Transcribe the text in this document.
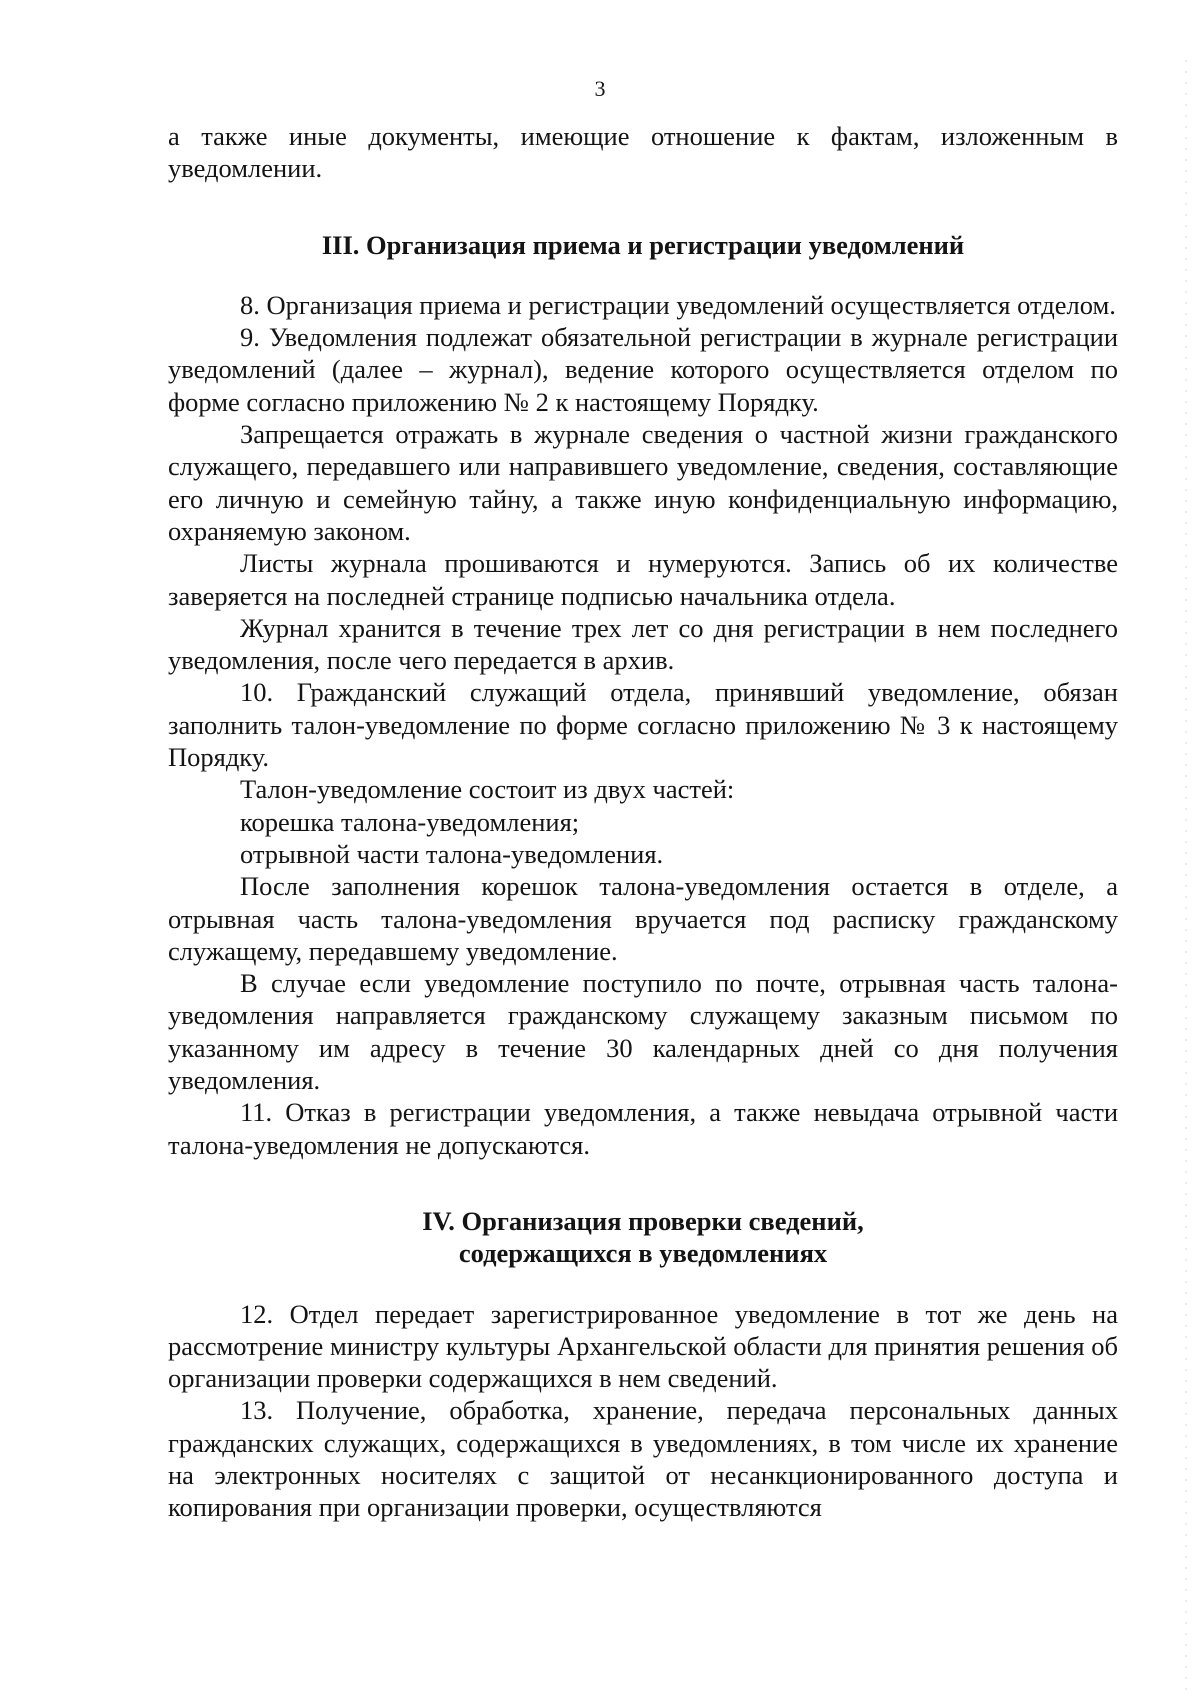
3

а также иные документы, имеющие отношение к фактам, изложенным в уведомлении.

III. Организация приема и регистрации уведомлений

8. Организация приема и регистрации уведомлений осуществляется отделом.

9. Уведомления подлежат обязательной регистрации в журнале регистрации уведомлений (далее – журнал), ведение которого осуществляется отделом по форме согласно приложению № 2 к настоящему Порядку.

Запрещается отражать в журнале сведения о частной жизни гражданского служащего, передавшего или направившего уведомление, сведения, составляющие его личную и семейную тайну, а также иную конфиденциальную информацию, охраняемую законом.

Листы журнала прошиваются и нумеруются. Запись об их количестве заверяется на последней странице подписью начальника отдела.

Журнал хранится в течение трех лет со дня регистрации в нем последнего уведомления, после чего передается в архив.

10. Гражданский служащий отдела, принявший уведомление, обязан заполнить талон-уведомление по форме согласно приложению № 3 к настоящему Порядку.

Талон-уведомление состоит из двух частей:

корешка талона-уведомления;

отрывной части талона-уведомления.

После заполнения корешок талона-уведомления остается в отделе, а отрывная часть талона-уведомления вручается под расписку гражданскому служащему, передавшему уведомление.

В случае если уведомление поступило по почте, отрывная часть талона-уведомления направляется гражданскому служащему заказным письмом по указанному им адресу в течение 30 календарных дней со дня получения уведомления.

11. Отказ в регистрации уведомления, а также невыдача отрывной части талона-уведомления не допускаются.

IV. Организация проверки сведений,

содержащихся в уведомлениях

12. Отдел передает зарегистрированное уведомление в тот же день на рассмотрение министру культуры Архангельской области для принятия решения об организации проверки содержащихся в нем сведений.

13. Получение, обработка, хранение, передача персональных данных гражданских служащих, содержащихся в уведомлениях, в том числе их хранение на электронных носителях с защитой от несанкционированного доступа и копирования при организации проверки, осуществляются
